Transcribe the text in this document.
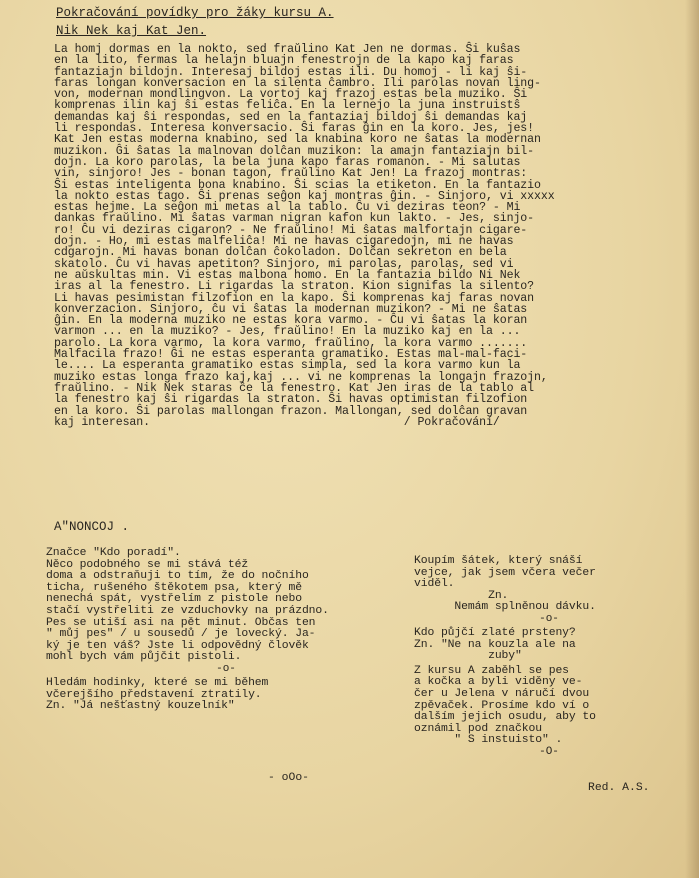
Pokračování povídky pro žáky kursu A.
Nik Nek kaj Kat Jen.
La homj dormas en la nokto, sed fraŭlino Kat Jen ne dormas. Ŝi kuŝas
en la lito, fermas la helajn bluajn fenestrojn de la kapo kaj faras
fantaziajn bildojn. Interesaj bildoj estas ili. Du homoj - li kaj ŝi-
faras longan konversacion en la silenta ĉambro. Ili parolas novan ling-
von, modernan mondlingvon. La vortoj kaj frazoj estas bela muziko. Ŝi
komprenas ilin kaj ŝi estas feliĉa. En la lernejo la juna instruistŝ
demandas kaj ŝi respondas, sed en la fantaziaj bildoj ŝi demandas kaj
li respondas. Interesa konversacio. Ŝi faras ĝin en la koro. Jes, jes!
Kat Jen estas moderna knabino, sed la knabina koro ne ŝatas la modernan
muzikon. Ĝi ŝatas la malnovan dolĉan muzikon: la amajn fantaziajn bil-
dojn. La koro parolas, la bela juna kapo faras romanon. - Mi salutas
vin, sinjoro! Jes - bonan tagon, fraŭlino Kat Jen! La frazoj montras:
Ŝi estas inteligenta bona knabino. Ŝi scias la etiketon. En la fantazio
la nokto estas tago. Ŝi prenas seĝon kaj montras ĝin. - Sinjoro, vi xxxxx
estas hejme. La seĝon mi metas al la tablo. Ĉu vi deziras teon? - Mi
dankas fraŭlino. Mi ŝatas varman nigran kafon kun lakto. - Jes, sinjo-
ro! Ĉu vi deziras cigaron? - Ne fraŭlino! Mi ŝatas malfortajn cigare-
dojn. - Ho, mi estas malfeliĉa! Mi ne havas cigaredojn, mi ne havas
cdgarojn. Mi havas bonan dolĉan ĉokoladon. Dolĉan sekreton en bela
skatolo. Ĉu vi havas apetiton? Sinjoro, mi parolas, parolas, sed vi
ne aŭskultas min. Vi estas malbona homo. En la fantazia bildo Ni Nek
iras al la fenestro. Li rigardas la straton. Kion signifas la silento?
Li havas pesimistan filzofion en la kapo. Ŝi komprenas kaj faras novan
konverzacion. Sinjoro, ĉu vi ŝatas la modernan muzikon? - Mi ne ŝatas
ĝin. En la moderna muziko ne estas kora varmo. - Ĉu vi ŝatas la koran
varmon ... en la muziko? - Jes, fraŭlino! En la muziko kaj en la ...
parolo. La kora varmo, la kora varmo, fraŭlino, la kora varmo .......
Malfacila frazo! Ĝi ne estas esperanta gramatiko. Estas mal-mal-faci-
le.... La esperanta gramatiko estas simpla, sed la kora varmo kun la
muziko estas longa frazo kaj,kaj ... vi ne komprenas la longajn frazojn,
fraŭlino. - Nik Nek staras ĉe la fenestro. Kat Jen iras de la tablo al
la fenestro kaj ŝi rigardas la straton. Ŝi havas optimistan filzofion
en la koro. Ŝi parolas mallongan frazon. Mallongan, sed dolĉan gravan
kaj interesan.                                     / Pokračování/
A"NONCOJ .
Značce "Kdo poradí".
Něco podobného se mi stává též
doma a odstraňuji to tím, že do nočního
ticha, rušeného štěkotem psa, který mě
nenechá spát, vystřelím z pistole nebo
stačí vystřeliti ze vzduchovky na prázdno.
Pes se utiší asi na pět minut. Občas ten
" můj pes" / u sousedů / je lovecký. Ja-
ký je ten váš? Jste li odpovědný člověk
mohl bych vám půjčit pistoli.
-o-
Hledám hodinky, které se mi během
včerejšího představení ztratily.
Zn. "Já nešťastný kouzelník"
Koupím šátek, který snáší
vejce, jak jsem včera večer
viděl.
Zn.
Nemám splněnou dávku.
-o-
Kdo půjčí zlaté prsteny?
Zn. "Ne na kouzla ale na
zuby"
Z kursu A zaběhl se pes
a kočka a byli viděny ve-
čer u Jelena v náručí dvou
zpěvaček. Prosíme kdo ví o
dalším jejich osudu, aby to
oznámil pod značkou
" S instuisto" .
-O-
- oOo-
Red. A.S.
